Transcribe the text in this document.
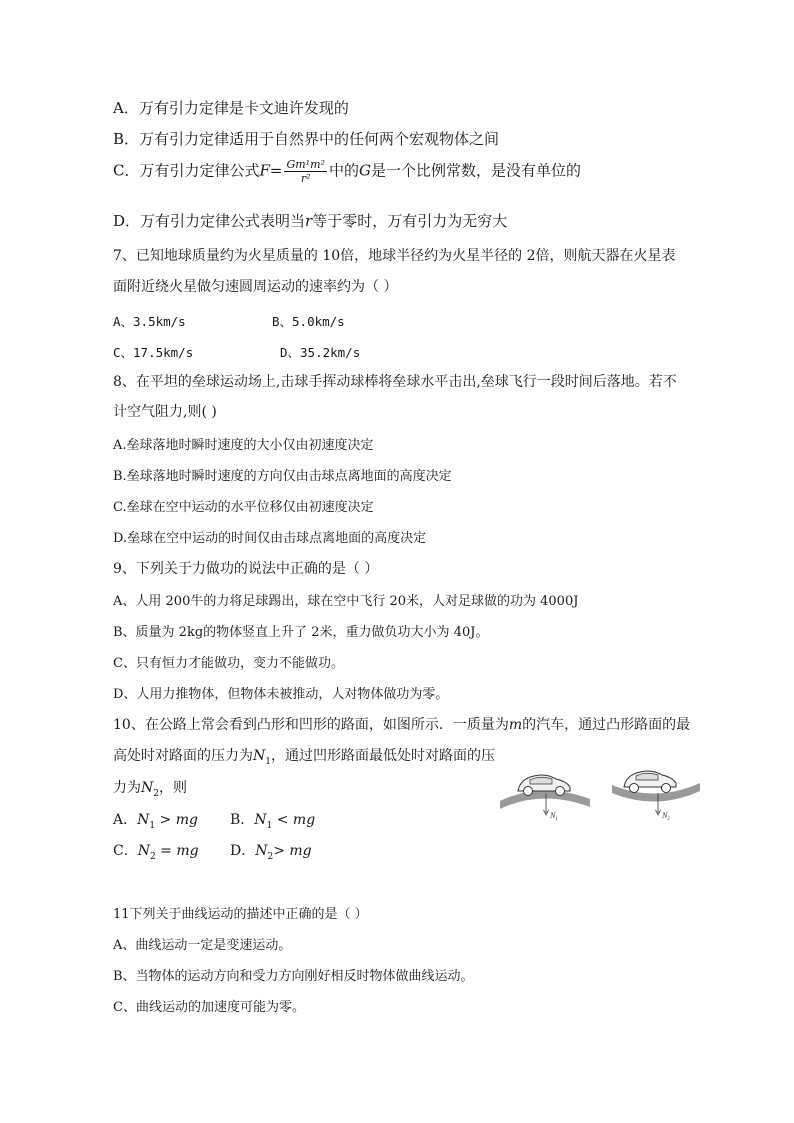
A．万有引力定律是卡文迪许发现的
B．万有引力定律适用于自然界中的任何两个宏观物体之间
C．万有引力定律公式$F= \frac{\text{Gm¹m²}}{\text{r²}}$ 中的G是一个比例常数，是没有单位的
D．万有引力定律公式表明当r等于零时，万有引力为无穷大
7、已知地球质量约为火星质量的 10倍，地球半径约为火星半径的 2倍，则航天器在火星表
面附近绕火星做匀速圆周运动的速率约为（ ）
A、3.5km/s	B、5.0km/s
C、17.5km/s	D、35.2km/s
8、在平坦的垒球运动场上,击球手挥动球棒将垒球水平击出,垒球飞行一段时间后落地。若不
计空气阻力,则( )
A.垒球落地时瞬时速度的大小仅由初速度决定
B.垒球落地时瞬时速度的方向仅由击球点离地面的高度决定
C.垒球在空中运动的水平位移仅由初速度决定
D.垒球在空中运动的时间仅由击球点离地面的高度决定
9、下列关于力做功的说法中正确的是（ ）
A、人用 200牛的力将足球踢出，球在空中飞行 20米，人对足球做的功为 4000J
B、质量为 2kg的物体竖直上升了 2米，重力做负功大小为 40J。
C、只有恒力才能做功，变力不能做功。
D、人用力推物体，但物体未被推动，人对物体做功为零。
10、在公路上常会看到凸形和凹形的路面，如图所示．一质量为m的汽车，通过凸形路面的最
高处时对路面的压力为$N_1$，通过凹形路面最低处时对路面的压
力为$N_2$，则
A．$N_1$ > mg B．$N_1$ < mg
C．$N_2$ = mg D．$N_2>$ mg
$N_1$	$N_2$
11下列关于曲线运动的描述中正确的是（ ）
A、曲线运动一定是变速运动。
B、当物体的运动方向和受力方向刚好相反时物体做曲线运动。
C、曲线运动的加速度可能为零。
